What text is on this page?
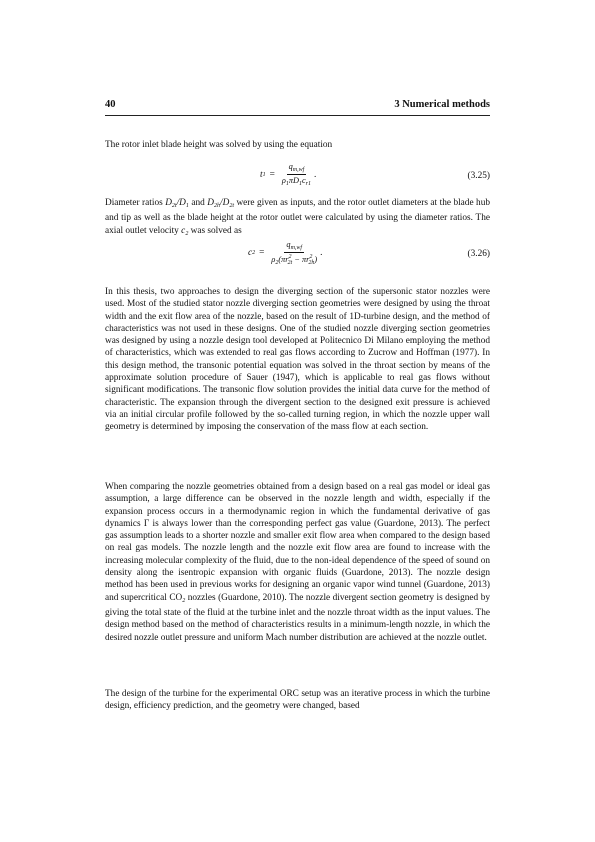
40	3 Numerical methods

The rotor inlet blade height was solved by using the equation

t $1 = \frac{q_{m,wf}}{\rho_1\pi D_1c_{r1}}$ .	(3.25)

Diameter ratios $D_{2t}/D_1$ and $D_{2h}/D_{2t}$ were given as inputs, and the rotor outlet diameters at the blade hub and tip as well as the blade height at the rotor outlet were calculated by using the diameter ratios. The axial outlet velocity $c_2$ was solved as

c $2 = \frac{q_{m,wf}}{\rho_2(\pi r^2_{2t} - \pi r^2_{2h})}$ .	(3.26)

In this thesis, two approaches to design the diverging section of the supersonic stator nozzles were used. Most of the studied stator nozzle diverging section geometries were designed by using the throat width and the exit flow area of the nozzle, based on the result of 1D-turbine design, and the method of characteristics was not used in these designs. One of the studied nozzle diverging section geometries was designed by using a nozzle design tool developed at Politecnico Di Milano employing the method of characteristics, which was extended to real gas flows according to Zucrow and Hoffman (1977). In this design method, the transonic potential equation was solved in the throat section by means of the approximate solution procedure of Sauer (1947), which is applicable to real gas flows without significant modifications. The transonic flow solution provides the initial data curve for the method of characteristic. The expansion through the divergent section to the designed exit pressure is achieved via an initial circular profile followed by the so-called turning region, in which the nozzle upper wall geometry is determined by imposing the conservation of the mass flow at each section.

When comparing the nozzle geometries obtained from a design based on a real gas model or ideal gas assumption, a large difference can be observed in the nozzle length and width, especially if the expansion process occurs in a thermodynamic region in which the fundamental derivative of gas dynamics Γ is always lower than the corresponding perfect gas value (Guardone, 2013). The perfect gas assumption leads to a shorter nozzle and smaller exit flow area when compared to the design based on real gas models. The nozzle length and the nozzle exit flow area are found to increase with the increasing molecular complexity of the fluid, due to the non-ideal dependence of the speed of sound on density along the isentropic expansion with organic fluids (Guardone, 2013). The nozzle design method has been used in previous works for designing an organic vapor wind tunnel (Guardone, 2013) and supercritical $CO_2$ nozzles (Guardone, 2010). The nozzle divergent section geometry is designed by giving the total state of the fluid at the turbine inlet and the nozzle throat width as the input values. The design method based on the method of characteristics results in a minimum-length nozzle, in which the desired nozzle outlet pressure and uniform Mach number distribution are achieved at the nozzle outlet.

The design of the turbine for the experimental ORC setup was an iterative process in which the turbine design, efficiency prediction, and the geometry were changed, based
